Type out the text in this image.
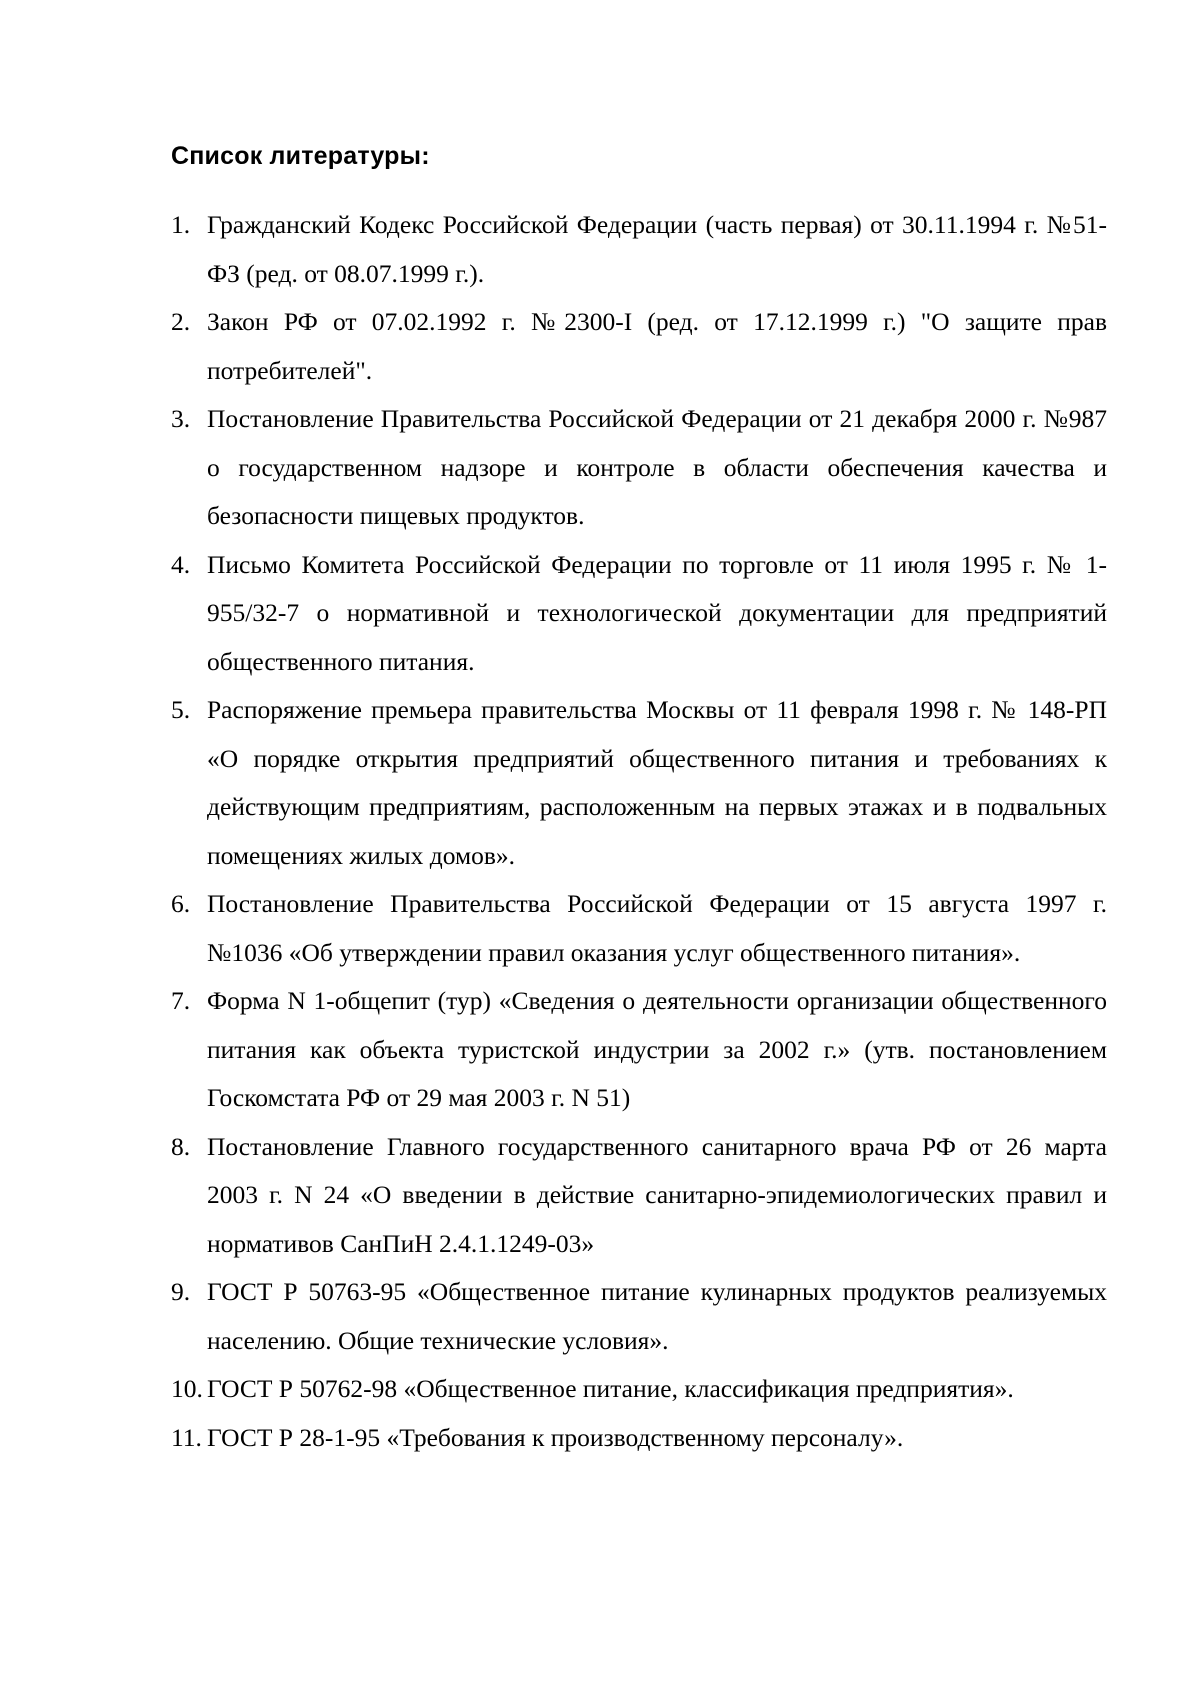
Список литературы:
1. Гражданский Кодекс Российской Федерации (часть первая) от 30.11.1994 г. №51-ФЗ (ред. от 08.07.1999 г.).
2. Закон РФ от 07.02.1992 г. №2300-I (ред. от 17.12.1999 г.) "О защите прав потребителей".
3. Постановление Правительства Российской Федерации от 21 декабря 2000 г. №987 о государственном надзоре и контроле в области обеспечения качества и безопасности пищевых продуктов.
4. Письмо Комитета Российской Федерации по торговле от 11 июля 1995 г. № 1-955/32-7 о нормативной и технологической документации для предприятий общественного питания.
5. Распоряжение премьера правительства Москвы от 11 февраля 1998 г. № 148-РП «О порядке открытия предприятий общественного питания и требованиях к действующим предприятиям, расположенным на первых этажах и в подвальных помещениях жилых домов».
6. Постановление Правительства Российской Федерации от 15 августа 1997 г. №1036 «Об утверждении правил оказания услуг общественного питания».
7. Форма N 1-общепит (тур) «Сведения о деятельности организации общественного питания как объекта туристской индустрии за 2002 г.» (утв. постановлением Госкомстата РФ от 29 мая 2003 г. N 51)
8. Постановление Главного государственного санитарного врача РФ от 26 марта 2003 г. N 24 «О введении в действие санитарно-эпидемиологических правил и нормативов СанПиН 2.4.1.1249-03»
9. ГОСТ Р 50763-95 «Общественное питание кулинарных продуктов реализуемых населению. Общие технические условия».
10. ГОСТ Р 50762-98 «Общественное питание, классификация предприятия».
11. ГОСТ Р 28-1-95 «Требования к производственному персоналу».
